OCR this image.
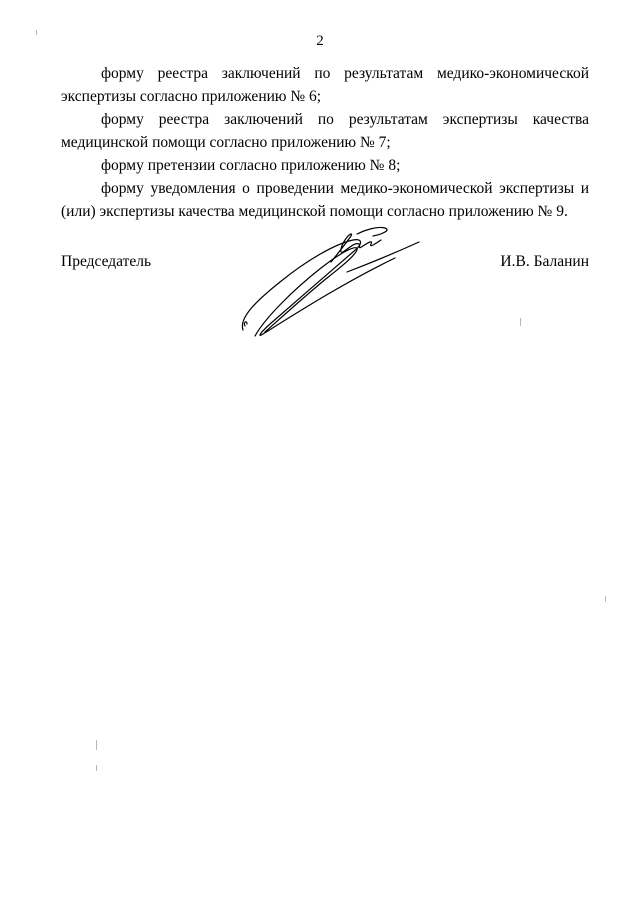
2

форму реестра заключений по результатам медико-экономической экспертизы согласно приложению № 6;

форму реестра заключений по результатам экспертизы качества медицинской помощи согласно приложению № 7;

форму претензии согласно приложению № 8;

форму уведомления о проведении медико-экономической экспертизы и (или) экспертизы качества медицинской помощи согласно приложению № 9.

Председатель	И.В. Баланин
